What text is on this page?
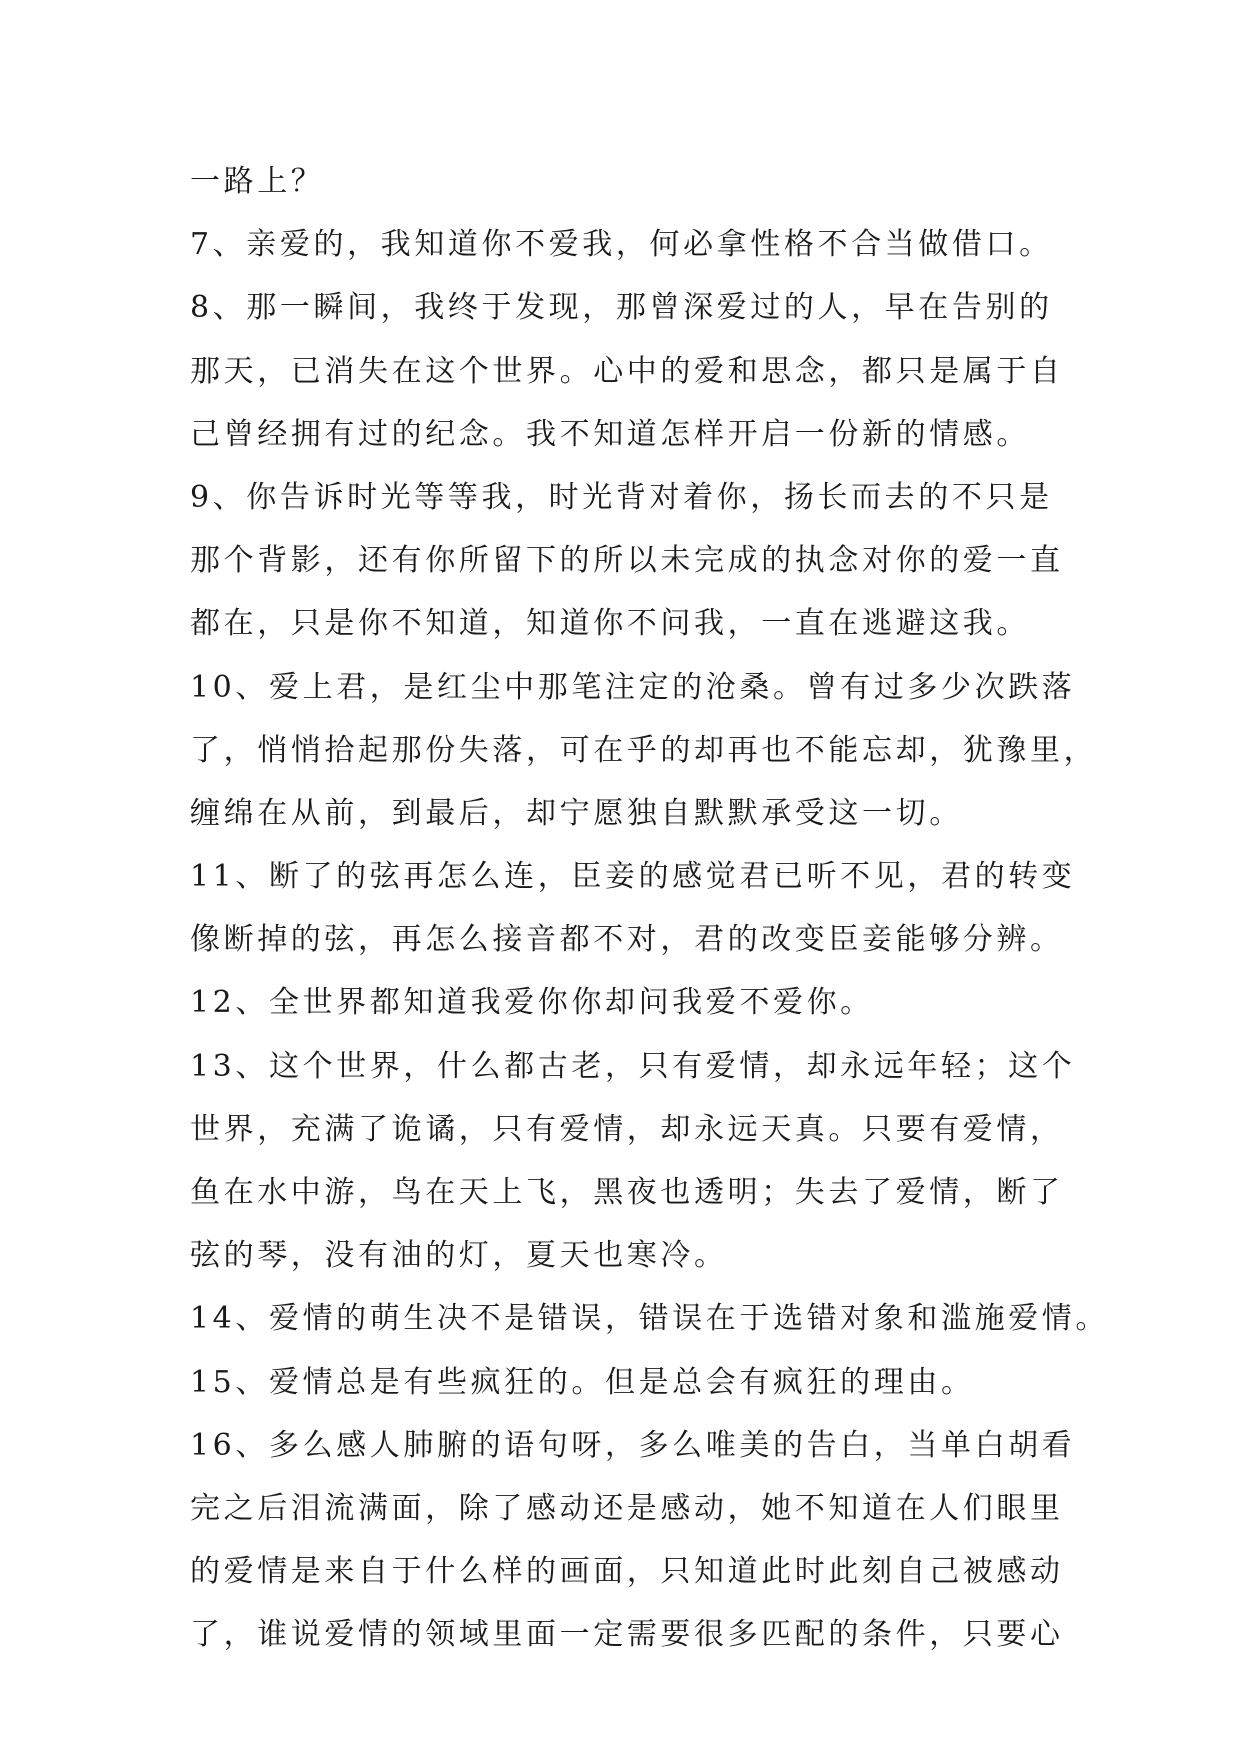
一路上？
7、亲爱的，我知道你不爱我，何必拿性格不合当做借口。
8、那一瞬间，我终于发现，那曾深爱过的人，早在告别的
那天，已消失在这个世界。心中的爱和思念，都只是属于自
己曾经拥有过的纪念。我不知道怎样开启一份新的情感。
9、你告诉时光等等我，时光背对着你，扬长而去的不只是
那个背影，还有你所留下的所以未完成的执念对你的爱一直
都在，只是你不知道，知道你不问我，一直在逃避这我。
10、爱上君，是红尘中那笔注定的沧桑。曾有过多少次跌落
了，悄悄拾起那份失落，可在乎的却再也不能忘却，犹豫里，
缠绵在从前，到最后，却宁愿独自默默承受这一切。
11、断了的弦再怎么连，臣妾的感觉君已听不见，君的转变
像断掉的弦，再怎么接音都不对，君的改变臣妾能够分辨。
12、全世界都知道我爱你你却问我爱不爱你。
13、这个世界，什么都古老，只有爱情，却永远年轻；这个
世界，充满了诡谲，只有爱情，却永远天真。只要有爱情，
鱼在水中游，鸟在天上飞，黑夜也透明；失去了爱情，断了
弦的琴，没有油的灯，夏天也寒冷。
14、爱情的萌生决不是错误，错误在于选错对象和滥施爱情。
15、爱情总是有些疯狂的。但是总会有疯狂的理由。
16、多么感人肺腑的语句呀，多么唯美的告白，当单白胡看
完之后泪流满面，除了感动还是感动，她不知道在人们眼里
的爱情是来自于什么样的画面，只知道此时此刻自己被感动
了，谁说爱情的领域里面一定需要很多匹配的条件，只要心
